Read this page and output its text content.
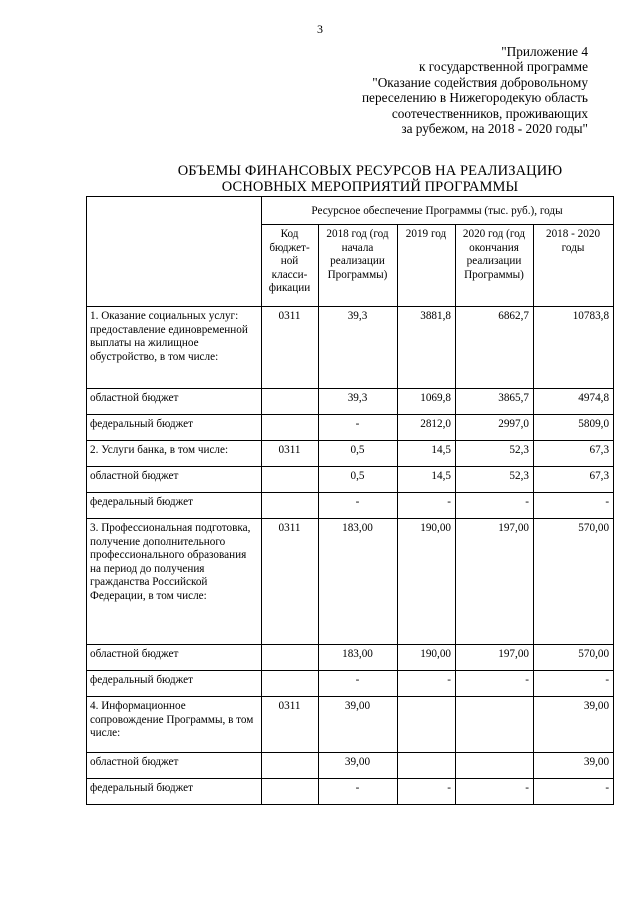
3
"Приложение 4
к государственной программе
"Оказание содействия добровольному
переселению в Нижегородекую область
соотечественников, проживающих
за рубежом, на 2018 - 2020 годы"
ОБЪЕМЫ ФИНАНСОВЫХ РЕСУРСОВ НА РЕАЛИЗАЦИЮ
ОСНОВНЫХ МЕРОПРИЯТИЙ ПРОГРАММЫ
	Ресурсное обеспечение Программы (тыс. руб.), годы				
	Код бюджет-ной класси-фикации	2018 год (год начала реализации Программы)	2019 год	2020 год (год окончания реализации Программы)	2018 - 2020 годы
1. Оказание социальных услуг: предоставление единовременной выплаты на жилищное обустройство, в том числе:	0311	39,3	3881,8	6862,7	10783,8
областной бюджет		39,3	1069,8	3865,7	4974,8
федеральный бюджет		-	2812,0	2997,0	5809,0
2. Услуги банка, в том числе:	0311	0,5	14,5	52,3	67,3
областной бюджет		0,5	14,5	52,3	67,3
федеральный бюджет		-	-	-	-
3. Профессиональная подготовка, получение дополнительного профессионального образования на период до получения гражданства Российской Федерации, в том числе:	0311	183,00	190,00	197,00	570,00
областной бюджет		183,00	190,00	197,00	570,00
федеральный бюджет		-	-	-	-
4. Информационное сопровождение Программы, в том числе:	0311	39,00			39,00
областной бюджет		39,00			39,00
федеральный бюджет		-	-	-	-
